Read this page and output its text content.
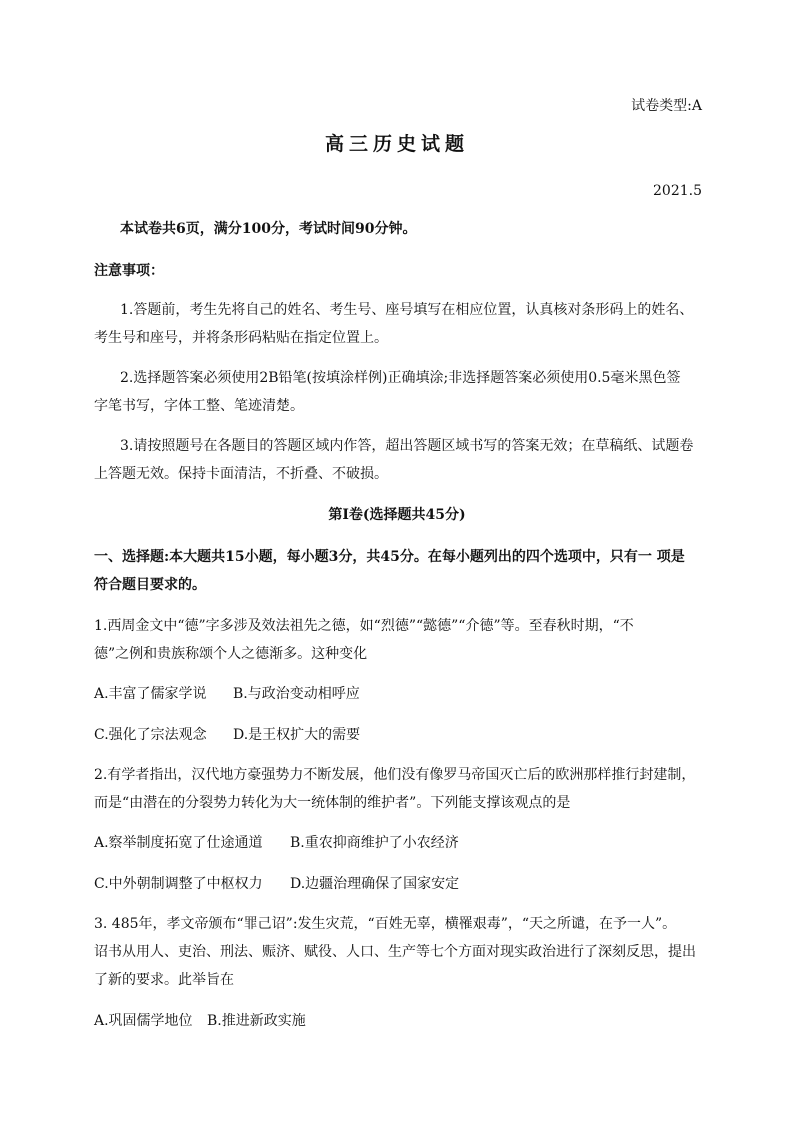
试卷类型:A
高三历史试题
2021.5
本试卷共6页，满分100分，考试时间90分钟。
注意事项：
1.答题前，考生先将自己的姓名、考生号、座号填写在相应位置，认真核对条形码上的姓名、
考生号和座号，并将条形码粘贴在指定位置上。
2.选择题答案必须使用2B铅笔(按填涂样例)正确填涂;非选择题答案必须使用0.5毫米黑色签
字笔书写，字体工整、笔迹清楚。
3.请按照题号在各题目的答题区域内作答，超出答题区域书写的答案无效；在草稿纸、试题卷
上答题无效。保持卡面清洁，不折叠、不破损。
第Ⅰ卷(选择题共45分)
一、选择题:本大题共15小题，每小题3分，共45分。在每小题列出的四个选项中，只有一 项是
符合题目要求的。
1.西周金文中“德”字多涉及效法祖先之德，如“烈德”“懿德”“介德”等。至春秋时期，“不
德”之例和贵族称颂个人之德渐多。这种变化
A.丰富了儒家学说 B.与政治变动相呼应
C.强化了宗法观念 D.是王权扩大的需要
2.有学者指出，汉代地方豪强势力不断发展，他们没有像罗马帝国灭亡后的欧洲那样推行封建制，
而是“由潜在的分裂势力转化为大一统体制的维护者”。下列能支撑该观点的是
A.察举制度拓宽了仕途通道 B.重农抑商维护了小农经济
C.中外朝制调整了中枢权力 D.边疆治理确保了国家安定
3. 485年，孝文帝颁布“罪己诏”:发生灾荒，“百姓无辜，横罹艰毒”，“天之所谴，在予一人”。
诏书从用人、吏治、刑法、赈济、赋役、人口、生产等七个方面对现实政治进行了深刻反思，提出
了新的要求。此举旨在
A.巩固儒学地位 B.推进新政实施
